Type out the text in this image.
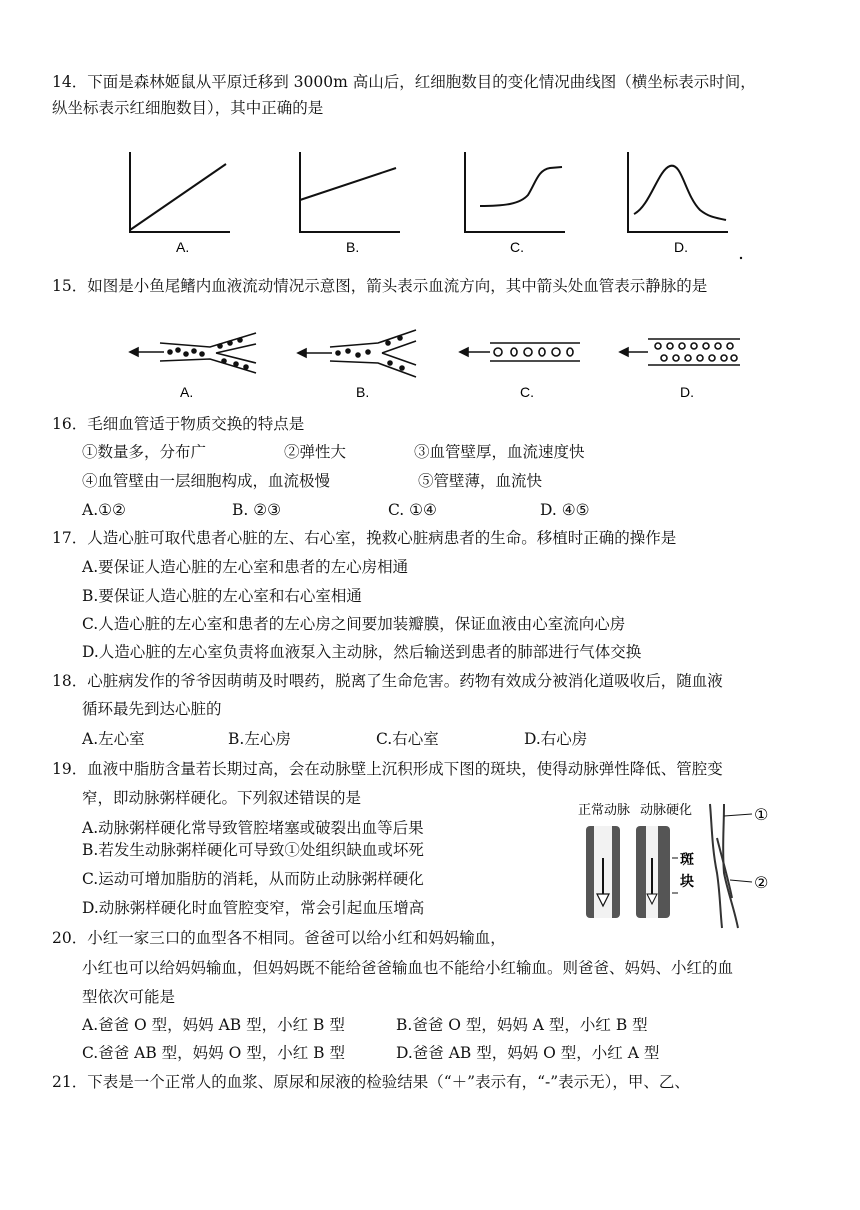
14．下面是森林姬鼠从平原迁移到 3000m 高山后，红细胞数目的变化情况曲线图（横坐标表示时间，
纵坐标表示红细胞数目），其中正确的是
A.	B.	C.	D.
15．如图是小鱼尾鳍内血液流动情况示意图，箭头表示血流方向，其中箭头处血管表示静脉的是
A.	B.	C.	D.
16．毛细血管适于物质交换的特点是
①数量多，分布广	②弹性大	③血管壁厚，血流速度快
④血管壁由一层细胞构成，血流极慢	⑤管壁薄，血流快
A.①②	B. ②③	C. ①④	D. ④⑤
17．人造心脏可取代患者心脏的左、右心室，挽救心脏病患者的生命。移植时正确的操作是
A.要保证人造心脏的左心室和患者的左心房相通
B.要保证人造心脏的左心室和右心室相通
C.人造心脏的左心室和患者的左心房之间要加装瓣膜，保证血液由心室流向心房
D.人造心脏的左心室负责将血液泵入主动脉，然后输送到患者的肺部进行气体交换
18．心脏病发作的爷爷因萌萌及时喂药，脱离了生命危害。药物有效成分被消化道吸收后，随血液
循环最先到达心脏的
A.左心室	B.左心房	C.右心室	D.右心房
19．血液中脂肪含量若长期过高，会在动脉壁上沉积形成下图的斑块，使得动脉弹性降低、管腔变
窄，即动脉粥样硬化。下列叙述错误的是
A.动脉粥样硬化常导致管腔堵塞或破裂出血等后果
B.若发生动脉粥样硬化可导致①处组织缺血或坏死
C.运动可增加脂肪的消耗，从而防止动脉粥样硬化
D.动脉粥样硬化时血管腔变窄，常会引起血压增高
正常动脉 动脉硬化
斑
块
①
②
20．小红一家三口的血型各不相同。爸爸可以给小红和妈妈输血，
小红也可以给妈妈输血，但妈妈既不能给爸爸输血也不能给小红输血。则爸爸、妈妈、小红的血
型依次可能是
A.爸爸 O 型，妈妈 AB 型，小红 B 型	B.爸爸 O 型，妈妈 A 型，小红 B 型
C.爸爸 AB 型，妈妈 O 型，小红 B 型	D.爸爸 AB 型，妈妈 O 型，小红 A 型
21．下表是一个正常人的血浆、原尿和尿液的检验结果（“＋”表示有，“-”表示无），甲、乙、
